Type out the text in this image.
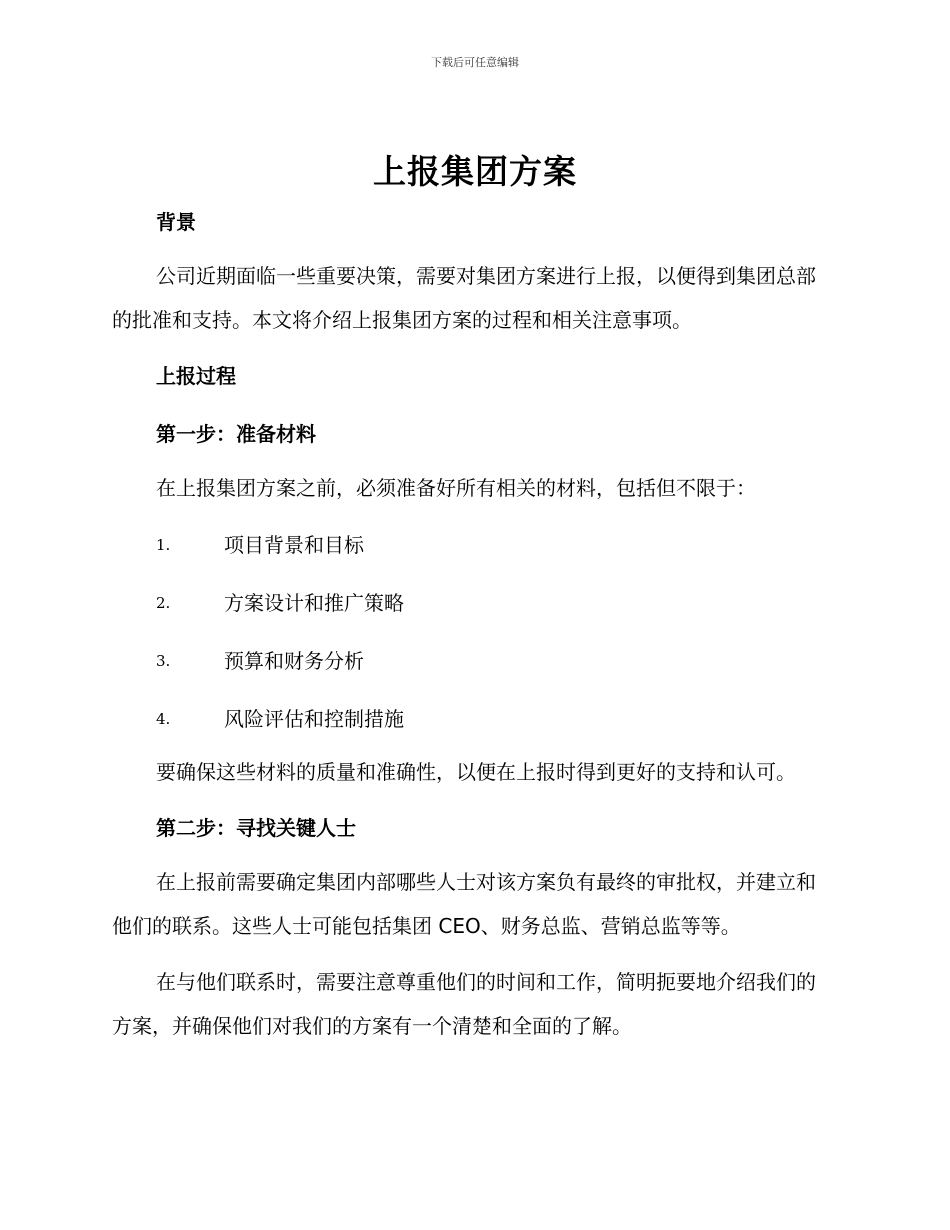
下载后可任意编辑
上报集团方案
背景

公司近期面临一些重要决策，需要对集团方案进行上报，以便得到集团总部的批准和支持。本文将介绍上报集团方案的过程和相关注意事项。

上报过程
第一步：准备材料

在上报集团方案之前，必须准备好所有相关的材料，包括但不限于：

1.	项目背景和目标
2.	方案设计和推广策略
3.	预算和财务分析
4.	风险评估和控制措施

要确保这些材料的质量和准确性，以便在上报时得到更好的支持和认可。

第二步：寻找关键人士

在上报前需要确定集团内部哪些人士对该方案负有最终的审批权，并建立和他们的联系。这些人士可能包括集团 CEO、财务总监、营销总监等等。

在与他们联系时，需要注意尊重他们的时间和工作，简明扼要地介绍我们的方案，并确保他们对我们的方案有一个清楚和全面的了解。
